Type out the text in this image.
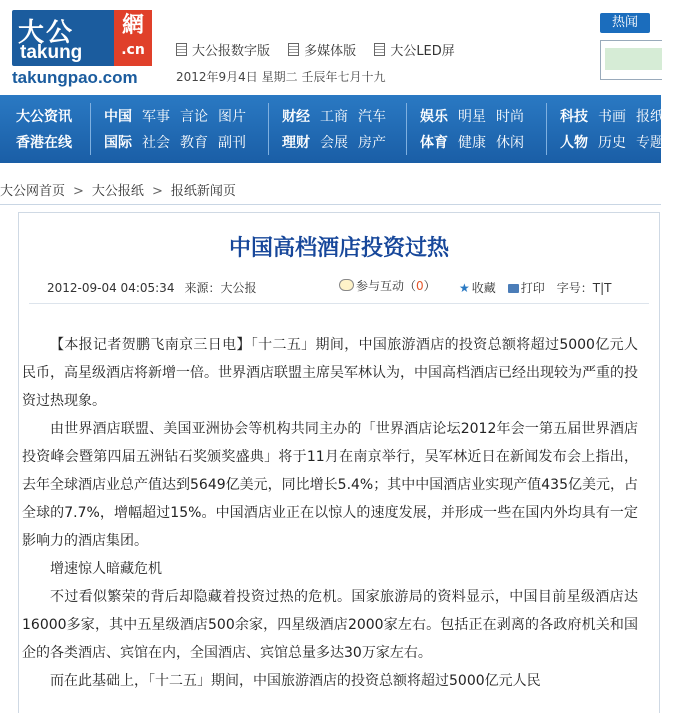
大公
takung
網
.cn
takungpao.com
大公报数字版	多媒体版	大公LED屏
2012年9月4日 星期二 壬辰年七月十九
热闻
大公资讯
香港在线
中国 军事 言论 图片
国际 社会 教育 副刊
财经 工商 汽车
理财 会展 房产
娱乐 明星 时尚
体育 健康 休闲
科技 书画 报纸
人物 历史 专题
大公网首页 > 大公报纸 > 报纸新闻页
中国高档酒店投资过热
2012-09-04 04:05:34 来源：大公报	参与互动（0） ★ 收藏 打印 字号：T|T

【本报记者贺鹏飞南京三日电】「十二五」期间，中国旅游酒店的投资总额将超过5000亿元人民币，高星级酒店将新增一倍。世界酒店联盟主席吴军林认为，中国高档酒店已经出现较为严重的投资过热现象。

由世界酒店联盟、美国亚洲协会等机构共同主办的「世界酒店论坛2012年会一第五届世界酒店投资峰会暨第四届五洲钻石奖颁奖盛典」将于11月在南京举行，吴军林近日在新闻发布会上指出，去年全球酒店业总产值达到5649亿美元，同比增长5.4%；其中中国酒店业实现产值435亿美元，占全球的7.7%，增幅超过15%。中国酒店业正在以惊人的速度发展，并形成一些在国内外均具有一定影响力的酒店集团。

增速惊人暗藏危机

不过看似繁荣的背后却隐藏着投资过热的危机。国家旅游局的资料显示，中国目前星级酒店达16000多家，其中五星级酒店500余家，四星级酒店2000家左右。包括正在剥离的各政府机关和国企的各类酒店、宾馆在内，全国酒店、宾馆总量多达30万家左右。

而在此基础上，「十二五」期间，中国旅游酒店的投资总额将超过5000亿元人民
